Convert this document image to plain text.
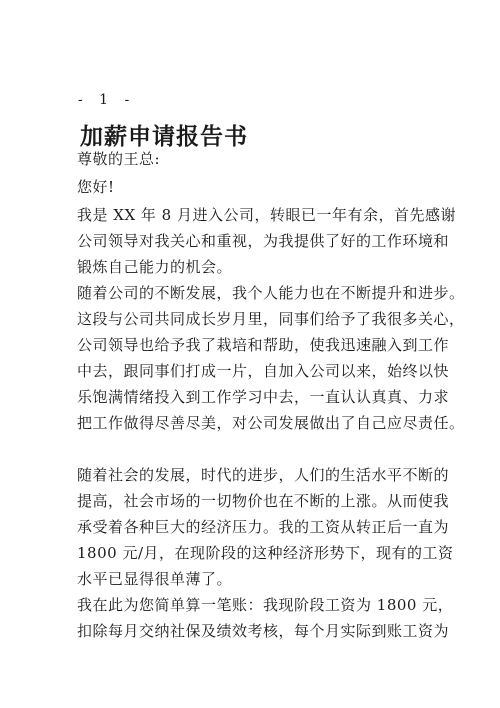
- 1 -
加薪申请报告书
尊敬的王总:
您好!
我是 XX 年 8 月进入公司，转眼已一年有余，首先感谢
公司领导对我关心和重视，为我提供了好的工作环境和
锻炼自己能力的机会。
随着公司的不断发展，我个人能力也在不断提升和进步。
这段与公司共同成长岁月里，同事们给予了我很多关心，
公司领导也给予我了栽培和帮助，使我迅速融入到工作
中去，跟同事们打成一片，自加入公司以来，始终以快
乐饱满情绪投入到工作学习中去，一直认认真真、力求
把工作做得尽善尽美，对公司发展做出了自己应尽责任。
随着社会的发展，时代的进步，人们的生活水平不断的
提高，社会市场的一切物价也在不断的上涨。从而使我
承受着各种巨大的经济压力。我的工资从转正后一直为
1800 元/月，在现阶段的这种经济形势下，现有的工资
水平已显得很单薄了。
我在此为您简单算一笔账：我现阶段工资为 1800 元，
扣除每月交纳社保及绩效考核，每个月实际到账工资为
